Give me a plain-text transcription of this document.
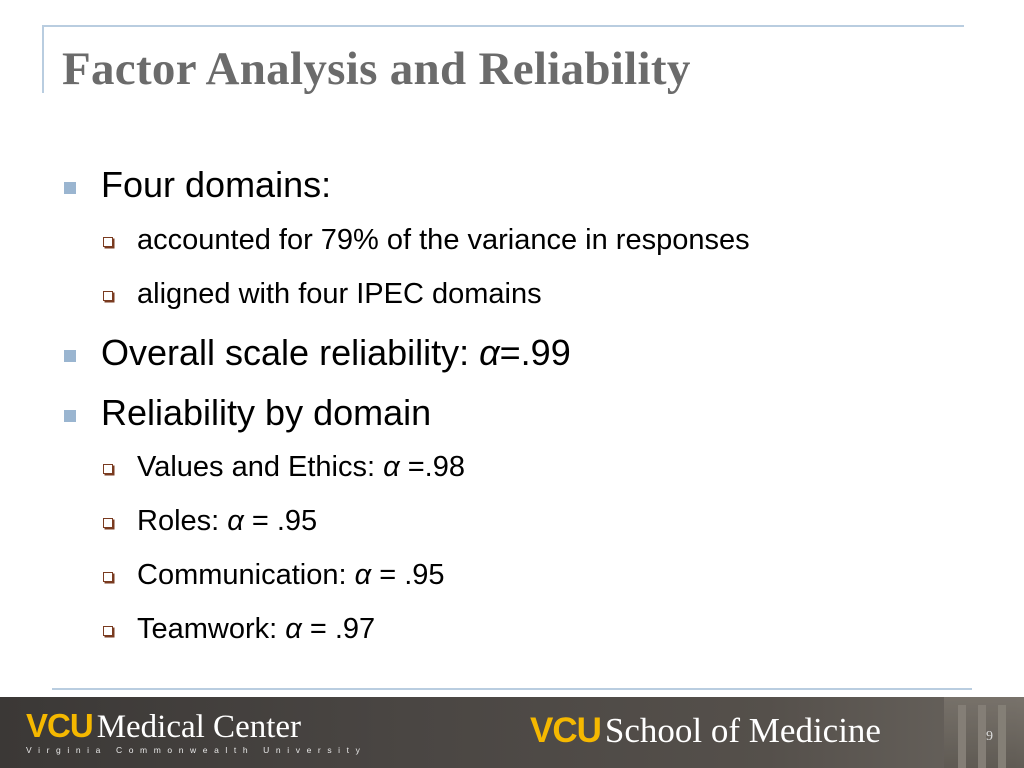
Factor Analysis and Reliability
Four domains:
accounted for 79% of the variance in responses
aligned with four IPEC domains
Overall scale reliability: α=.99
Reliability by domain
Values and Ethics: α =.98
Roles: α = .95
Communication: α = .95
Teamwork: α = .97
VCU Medical Center
Virginia Commonwealth University	VCU School of Medicine	9
